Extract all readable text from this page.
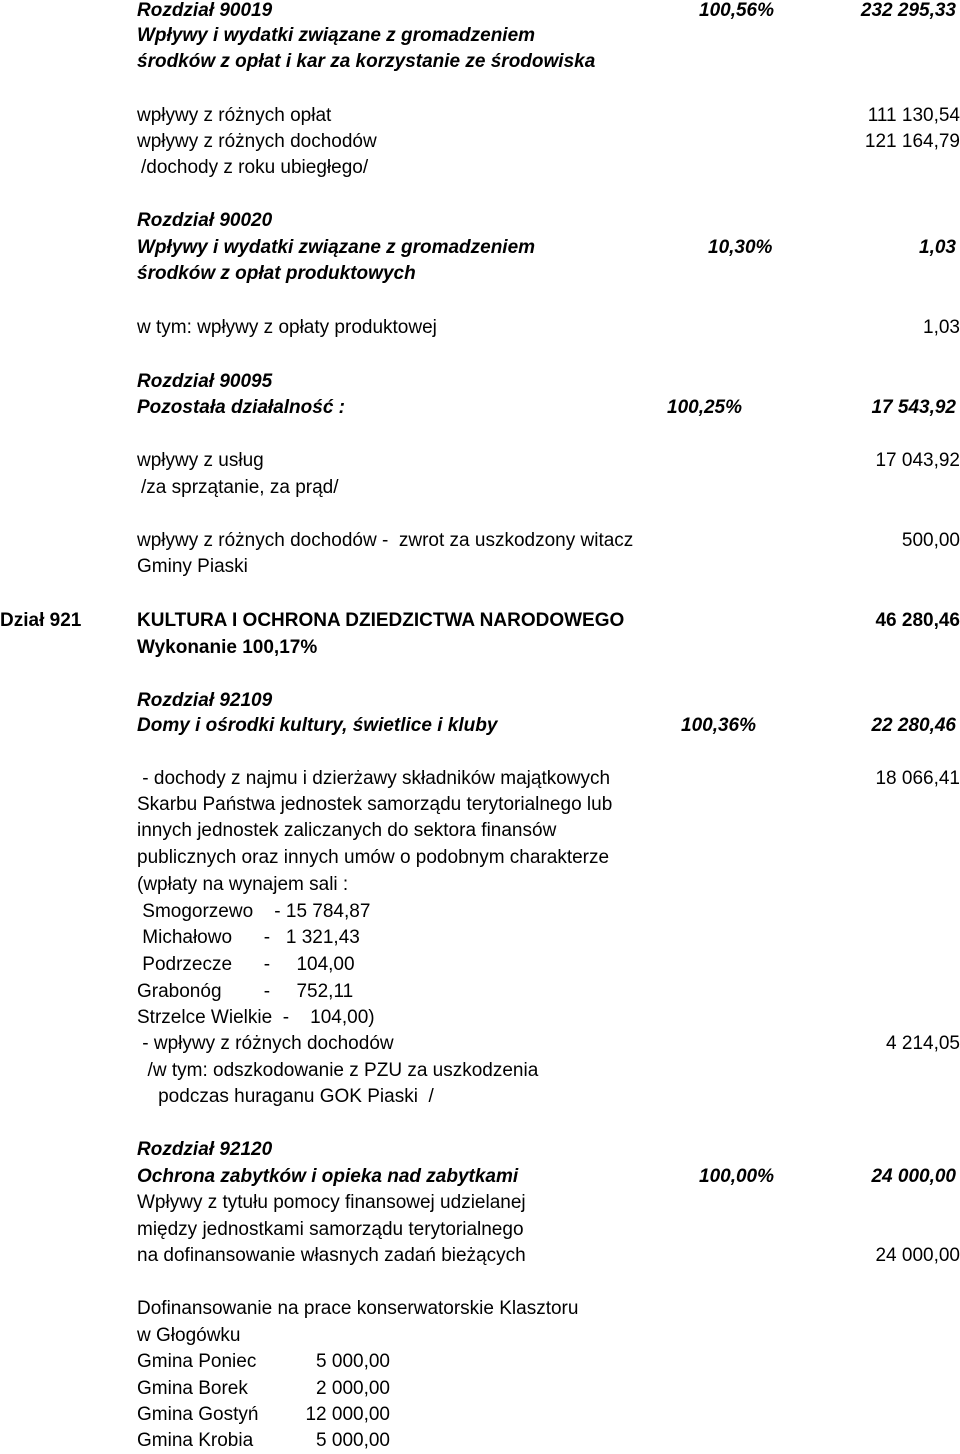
Rozdział 90019	100,56%	232 295,33
Wpływy i wydatki związane z gromadzeniem
środków z opłat i kar za korzystanie ze środowiska
wpływy z różnych opłat	111 130,54
wpływy z różnych dochodów	121 164,79
/dochody z roku ubiegłego/
Rozdział 90020
Wpływy i wydatki związane z gromadzeniem	10,30%	1,03
środków z opłat produktowych
w tym: wpływy z opłaty produktowej	1,03
Rozdział 90095
Pozostała działalność :	100,25%	17 543,92
wpływy z usług	17 043,92
/za sprzątanie, za prąd/
wpływy z różnych dochodów -  zwrot za uszkodzony witacz	500,00
Gminy Piaski
Dział 921	KULTURA I OCHRONA DZIEDZICTWA NARODOWEGO	46 280,46
Wykonanie 100,17%
Rozdział 92109
Domy i ośrodki kultury, świetlice i kluby	100,36%	22 280,46
- dochody z najmu i dzierżawy składników majątkowych	18 066,41
Skarbu Państwa jednostek samorządu terytorialnego lub
innych jednostek zaliczanych do sektora finansów
publicznych oraz innych umów o podobnym charakterze
(wpłaty na wynajem sali :
Smogorzewo    - 15 784,87
Michałowo      -   1 321,43
Podrzecze      -     104,00
Grabonóg        -     752,11
Strzelce Wielkie  -    104,00)
- wpływy z różnych dochodów	4 214,05
/w tym: odszkodowanie z PZU za uszkodzenia
podczas huraganu GOK Piaski  /
Rozdział 92120
Ochrona zabytków i opieka nad zabytkami	100,00%	24 000,00
Wpływy z tytułu pomocy finansowej udzielanej
między jednostkami samorządu terytorialnego
na dofinansowanie własnych zadań bieżących	24 000,00
Dofinansowanie na prace konserwatorskie Klasztoru
w Głogówku
Gmina Poniec	5 000,00
Gmina Borek	2 000,00
Gmina Gostyń	12 000,00
Gmina Krobia	5 000,00
